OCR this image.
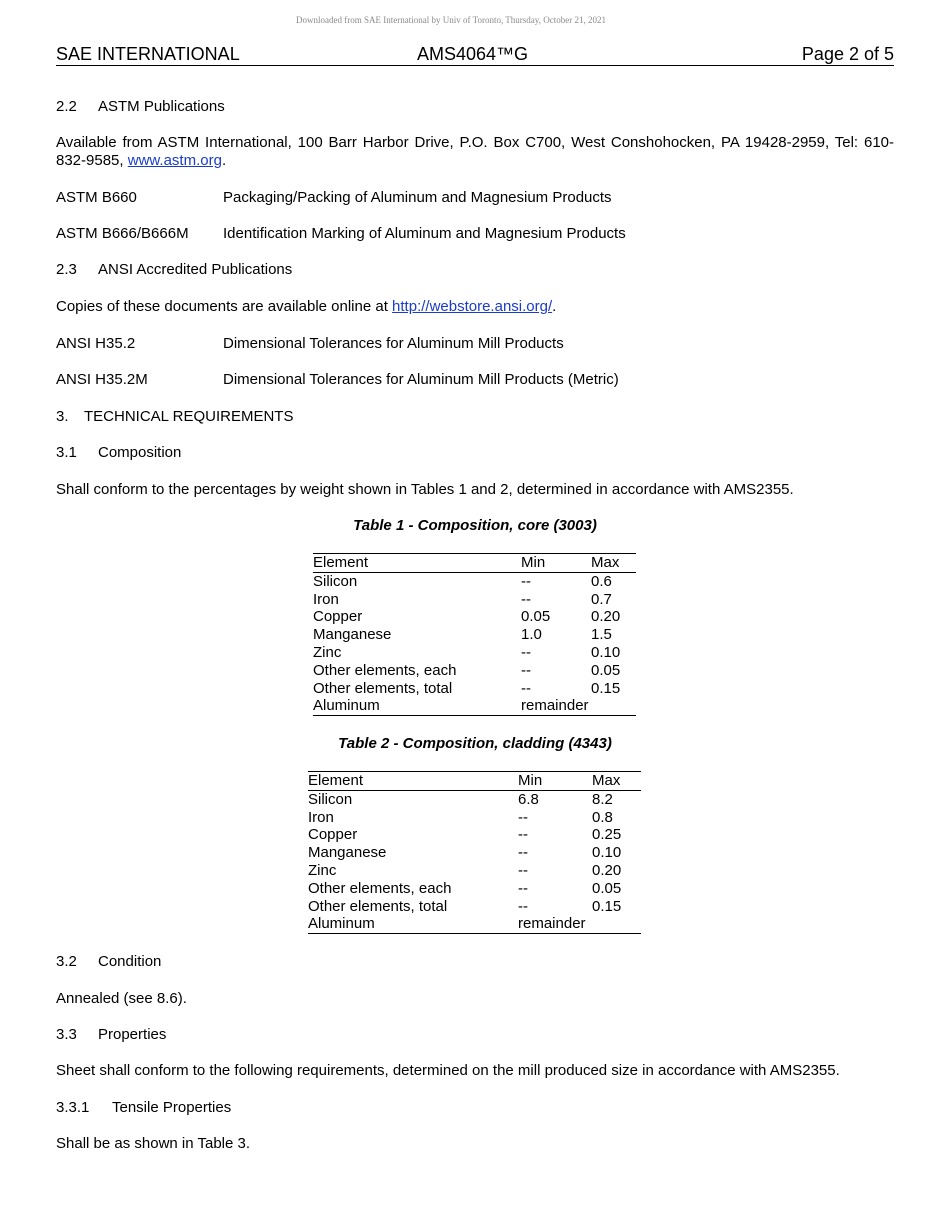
Downloaded from SAE International by Univ of Toronto, Thursday, October 21, 2021
SAE INTERNATIONAL	AMS4064™G	Page 2 of 5
2.2 ASTM Publications
Available from ASTM International, 100 Barr Harbor Drive, P.O. Box C700, West Conshohocken, PA 19428-2959, Tel: 610-832-9585, www.astm.org.
ASTM B660	Packaging/Packing of Aluminum and Magnesium Products
ASTM B666/B666M Identification Marking of Aluminum and Magnesium Products
2.3 ANSI Accredited Publications
Copies of these documents are available online at http://webstore.ansi.org/.
ANSI H35.2	Dimensional Tolerances for Aluminum Mill Products
ANSI H35.2M	Dimensional Tolerances for Aluminum Mill Products (Metric)
3. TECHNICAL REQUIREMENTS
3.1 Composition
Shall conform to the percentages by weight shown in Tables 1 and 2, determined in accordance with AMS2355.
Table 1 - Composition, core (3003)
Element	Min	Max
Silicon	--	0.6
Iron	--	0.7
Copper	0.05	0.20
Manganese	1.0	1.5
Zinc	--	0.10
Other elements, each	--	0.05
Other elements, total	--	0.15
Aluminum	remainder	
Table 2 - Composition, cladding (4343)
Element	Min	Max
Silicon	6.8	8.2
Iron	--	0.8
Copper	--	0.25
Manganese	--	0.10
Zinc	--	0.20
Other elements, each	--	0.05
Other elements, total	--	0.15
Aluminum	remainder	
3.2 Condition
Annealed (see 8.6).
3.3 Properties
Sheet shall conform to the following requirements, determined on the mill produced size in accordance with AMS2355.
3.3.1 Tensile Properties
Shall be as shown in Table 3.
